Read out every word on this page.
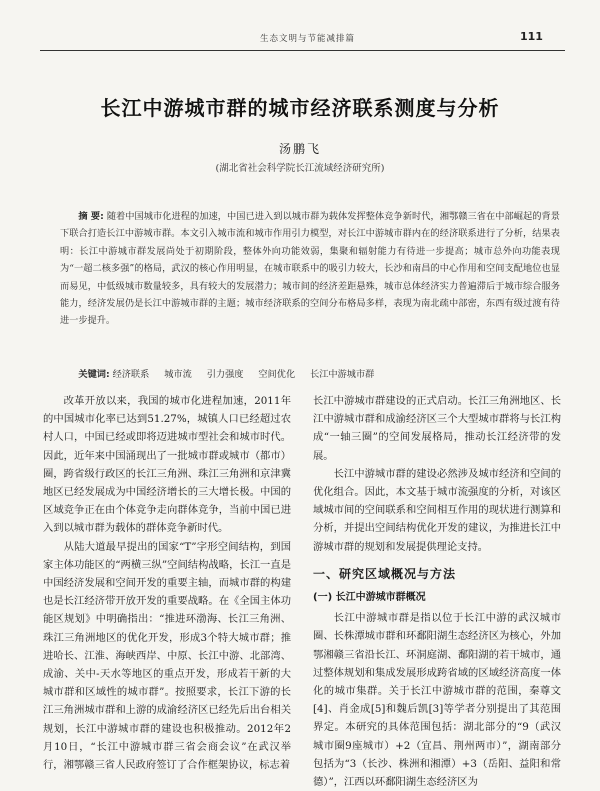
生态文明与节能减排篇	111
长江中游城市群的城市经济联系测度与分析
汤鹏飞
(湖北省社会科学院长江流域经济研究所)
摘 要: 随着中国城市化进程的加速，中国已进入到以城市群为载体发挥整体竞争新时代，湘鄂赣三省在中部崛起的背景下联合打造长江中游城市群。本文引入城市流和城市作用引力模型，对长江中游城市群内在的经济联系进行了分析，结果表明：长江中游城市群发展尚处于初期阶段，整体外向功能效弱，集聚和辐射能力有待进一步提高；城市总外向功能表现为“一超二核多强”的格局，武汉的核心作用明显，在城市联系中的吸引力较大，长沙和南昌的中心作用和空间支配地位也显而易见，中低级城市数量较多，具有较大的发展潜力；城市间的经济差距悬殊，城市总体经济实力普遍滞后于城市综合服务能力，经济发展仍是长江中游城市群的主题；城市经济联系的空间分布格局多样，表现为南北疏中部密，东西有级过渡有待进一步提升。
关键词: 经济联系 城市流 引力强度 空间优化 长江中游城市群

改革开放以来，我国的城市化进程加速，2011年的中国城市化率已达到51.27%，城镇人口已经超过农村人口，中国已经或即将迈进城市型社会和城市时代。因此，近年来中国涌现出了一批城市群或城市（都市）圈，跨省级行政区的长江三角洲、珠江三角洲和京津冀地区已经发展成为中国经济增长的三大增长极。中国的区域竞争正在由个体竞争走向群体竞争，当前中国已进入到以城市群为载体的群体竞争新时代。

从陆大道最早提出的国家“T”字形空间结构，到国家主体功能区的“两横三纵”空间结构战略，长江一直是中国经济发展和空间开发的重要主轴，而城市群的构建也是长江经济带开放开发的重要战略。在《全国主体功能区规划》中明确指出：“推进环渤海、长江三角洲、珠江三角洲地区的优化开发，形成3个特大城市群；推进哈长、江淮、海峡西岸、中原、长江中游、北部湾、成渝、关中-天水等地区的重点开发，形成若干新的大城市群和区域性的城市群”。按照要求，长江下游的长江三角洲城市群和上游的成渝经济区已经先后出台相关规划，长江中游城市群的建设也积极推动。2012年2月10日，“长江中游城市群三省会商会议”在武汉举行，湘鄂赣三省人民政府签订了合作框架协议，标志着

长江中游城市群建设的正式启动。长江三角洲地区、长江中游城市群和成渝经济区三个大型城市群将与长江构成“一轴三圈”的空间发展格局，推动长江经济带的发展。

长江中游城市群的建设必然涉及城市经济和空间的优化组合。因此，本文基于城市流强度的分析，对该区域城市间的空间联系和空间相互作用的现状进行测算和分析，并提出空间结构优化开发的建议，为推进长江中游城市群的规划和发展提供理论支持。

一、研究区域概况与方法
(一) 长江中游城市群概况

长江中游城市群是指以位于长江中游的武汉城市圈、长株潭城市群和环鄱阳湖生态经济区为核心，外加鄂湘赣三省沿长江、环洞庭湖、鄱阳湖的若干城市，通过整体规划和集成发展形成跨省域的区域经济高度一体化的城市集群。关于长江中游城市群的范围，秦尊文[4]、肖金成[5]和魏后凯[3]等学者分别提出了其范围界定。本研究的具体范围包括：湖北部分的“9（武汉城市圈9座城市）+2（宜昌、荆州两市）”，湖南部分包括为“3（长沙、株洲和湘潭）+3（岳阳、益阳和常德）”，江西以环鄱阳湖生态经济区为
